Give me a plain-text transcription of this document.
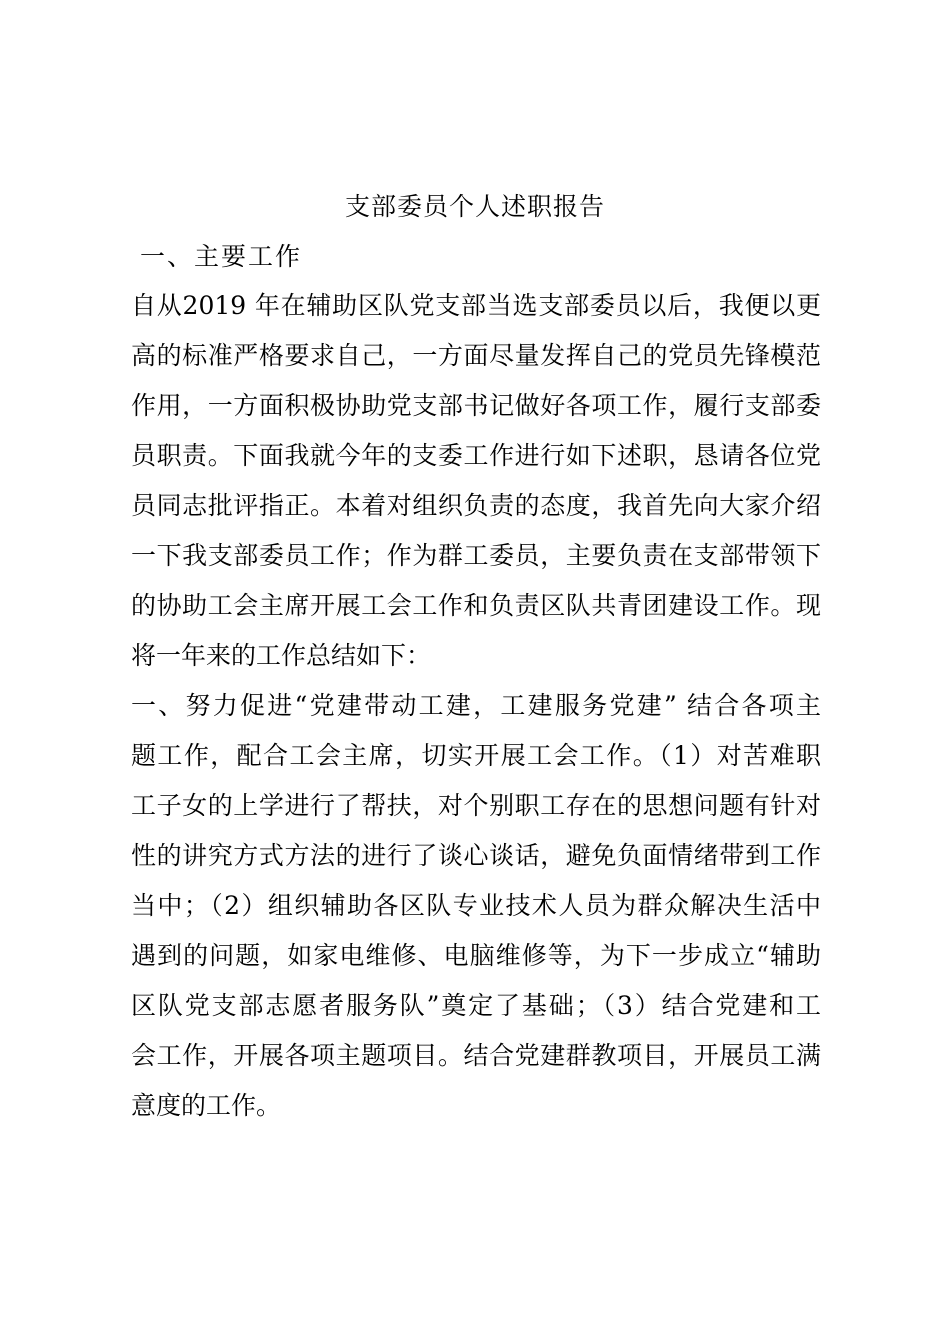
支部委员个人述职报告
一、主要工作
自从2019 年在辅助区队党支部当选支部委员以后，我便以更
高的标准严格要求自己，一方面尽量发挥自己的党员先锋模范
作用，一方面积极协助党支部书记做好各项工作，履行支部委
员职责。下面我就今年的支委工作进行如下述职，恳请各位党
员同志批评指正。本着对组织负责的态度，我首先向大家介绍
一下我支部委员工作；作为群工委员，主要负责在支部带领下
的协助工会主席开展工会工作和负责区队共青团建设工作。现
将一年来的工作总结如下：
一、努力促进“党建带动工建，工建服务党建” 结合各项主
题工作，配合工会主席，切实开展工会工作。（1）对苦难职
工子女的上学进行了帮扶，对个别职工存在的思想问题有针对
性的讲究方式方法的进行了谈心谈话，避免负面情绪带到工作
当中；（2）组织辅助各区队专业技术人员为群众解决生活中
遇到的问题，如家电维修、电脑维修等，为下一步成立“辅助
区队党支部志愿者服务队”奠定了基础；（3）结合党建和工
会工作，开展各项主题项目。结合党建群教项目，开展员工满
意度的工作。
